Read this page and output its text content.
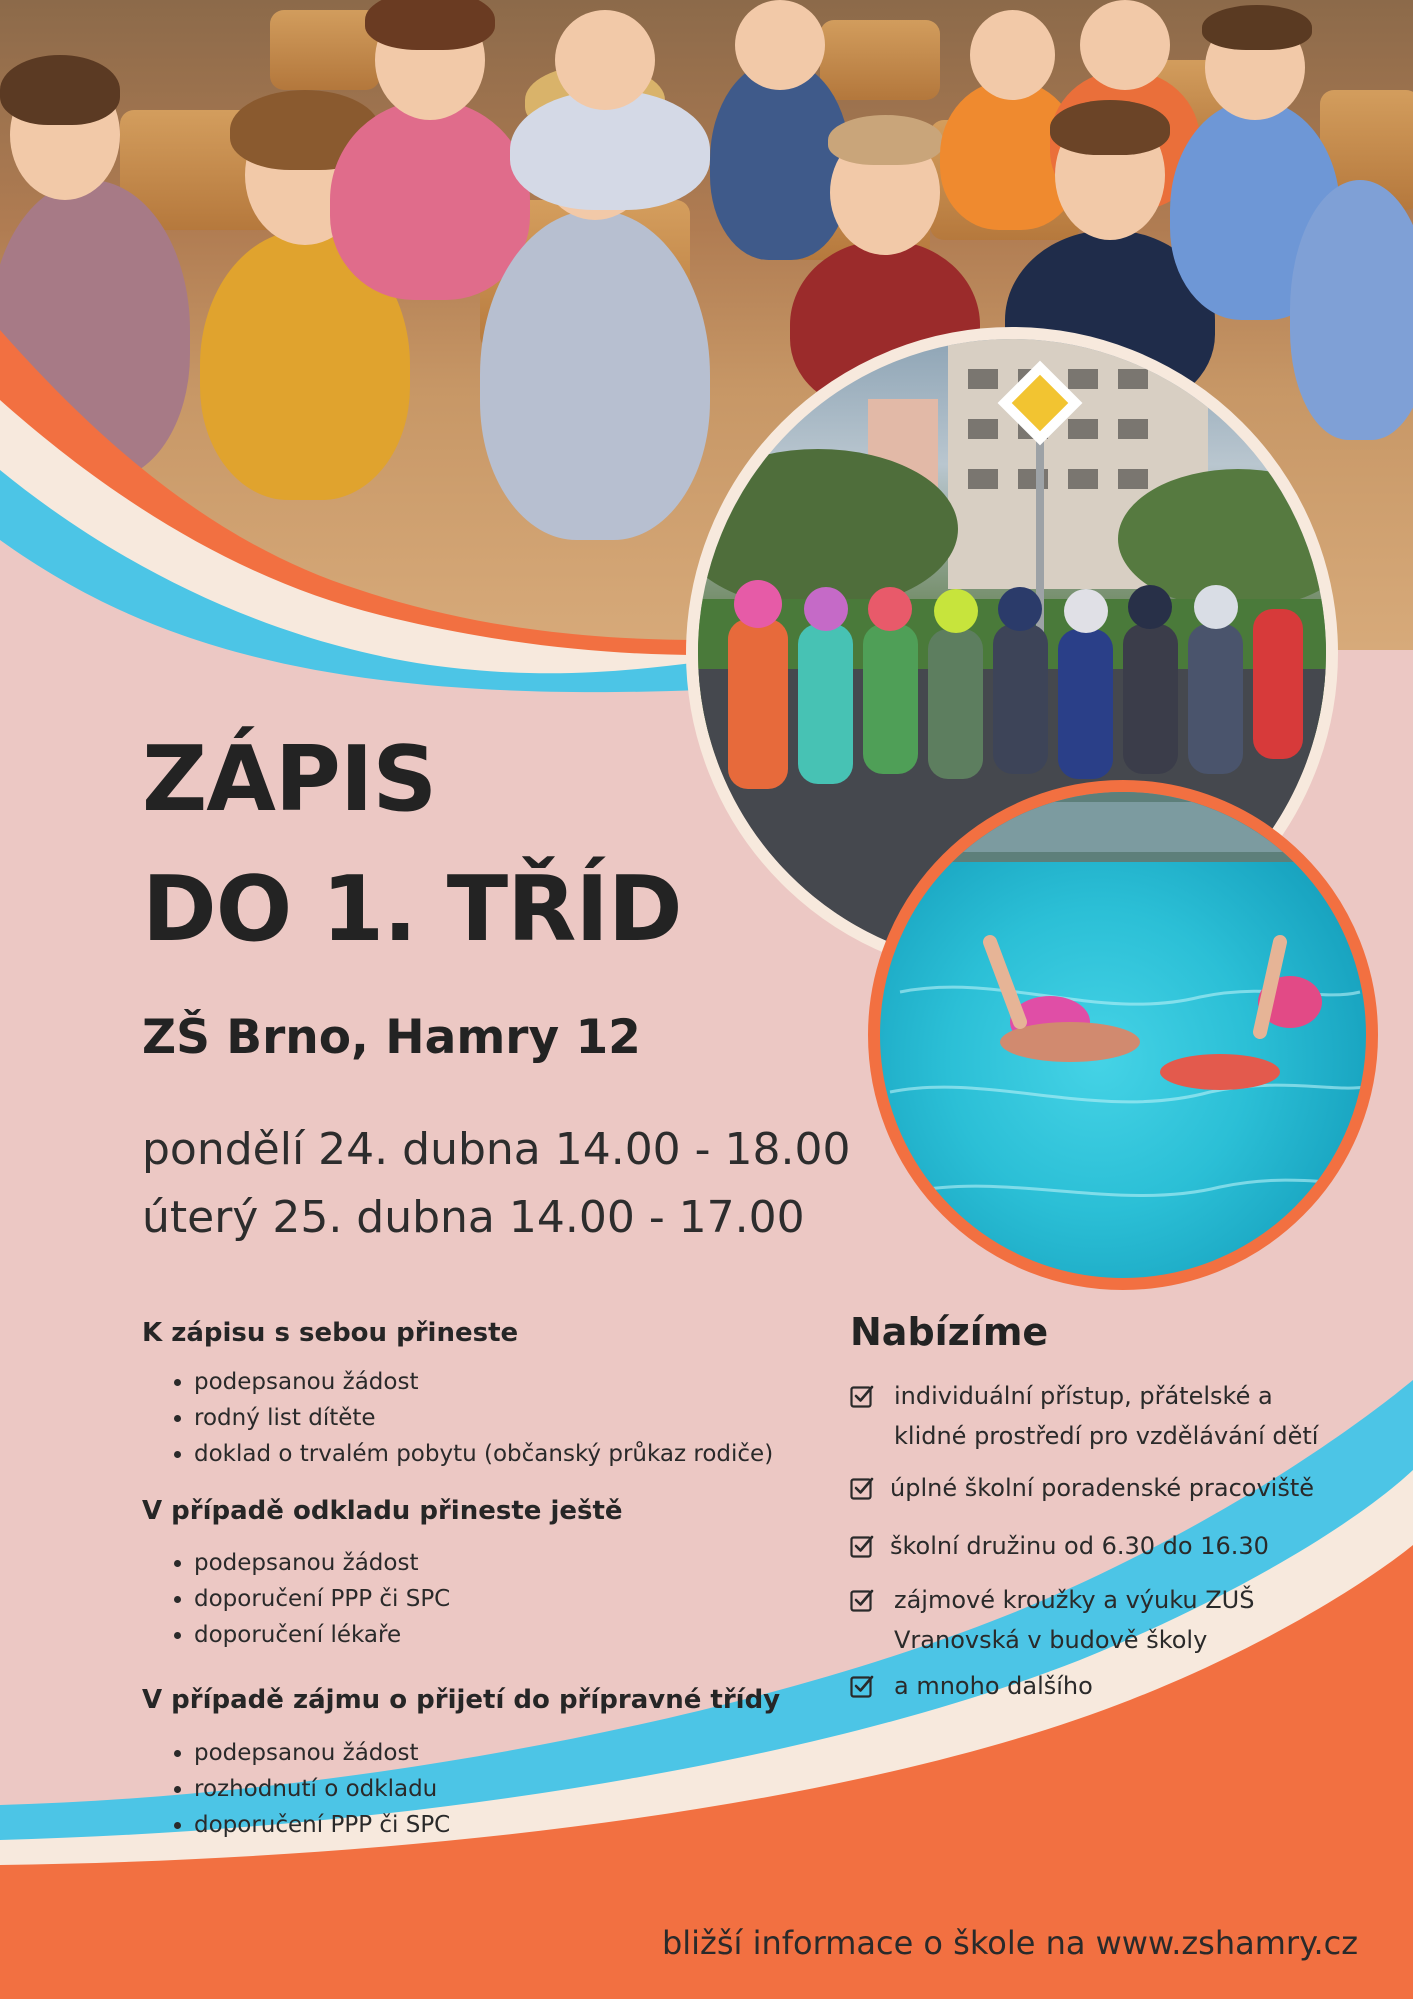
ZÁPIS
DO 1. TŘÍD
ZŠ Brno, Hamry 12
pondělí 24. dubna 14.00 - 18.00
úterý 25. dubna 14.00 - 17.00
K zápisu s sebou přineste
• podepsanou žádost
• rodný list dítěte
• doklad o trvalém pobytu (občanský průkaz rodiče)
V případě odkladu přineste ještě
• podepsanou žádost
• doporučení PPP či SPC
• doporučení lékaře
V případě zájmu o přijetí do přípravné třídy
• podepsanou žádost
• rozhodnutí o odkladu
• doporučení PPP či SPC
Nabízíme
individuální přístup, přátelské a
klidné prostředí pro vzdělávání dětí
úplné školní poradenské pracoviště
školní družinu od 6.30 do 16.30
zájmové kroužky a výuku ZUŠ
Vranovská v budově školy
a mnoho dalšího
bližší informace o škole na www.zshamry.cz
